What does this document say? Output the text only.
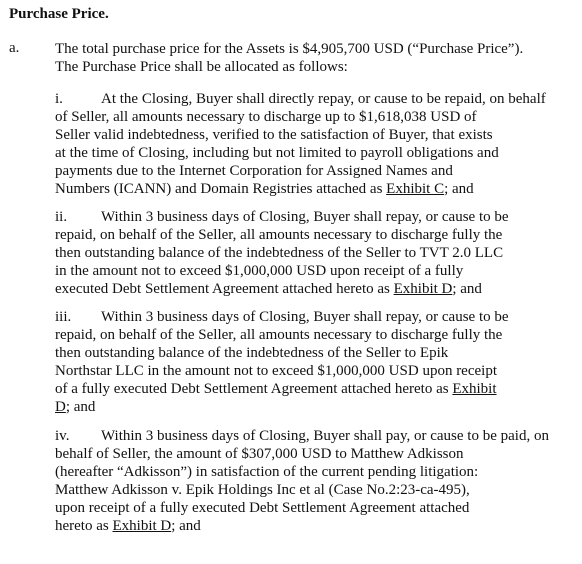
Purchase Price.
a. The total purchase price for the Assets is $4,905,700 USD (“Purchase Price”).
The Purchase Price shall be allocated as follows:

i.	At the Closing, Buyer shall directly repay, or cause to be repaid, on behalf
of Seller, all amounts necessary to discharge up to $1,618,038 USD of
Seller valid indebtedness, verified to the satisfaction of Buyer, that exists
at the time of Closing, including but not limited to payroll obligations and
payments due to the Internet Corporation for Assigned Names and
Numbers (ICANN) and Domain Registries attached as Exhibit C; and

ii. Within 3 business days of Closing, Buyer shall repay, or cause to be
repaid, on behalf of the Seller, all amounts necessary to discharge fully the
then outstanding balance of the indebtedness of the Seller to TVT 2.0 LLC
in the amount not to exceed $1,000,000 USD upon receipt of a fully
executed Debt Settlement Agreement attached hereto as Exhibit D; and

iii. Within 3 business days of Closing, Buyer shall repay, or cause to be
repaid, on behalf of the Seller, all amounts necessary to discharge fully the
then outstanding balance of the indebtedness of the Seller to Epik
Northstar LLC in the amount not to exceed $1,000,000 USD upon receipt
of a fully executed Debt Settlement Agreement attached hereto as Exhibit
D; and

iv. Within 3 business days of Closing, Buyer shall pay, or cause to be paid, on
behalf of Seller, the amount of $307,000 USD to Matthew Adkisson
(hereafter “Adkisson”) in satisfaction of the current pending litigation:
Matthew Adkisson v. Epik Holdings Inc et al (Case No.2:23-ca-495),
upon receipt of a fully executed Debt Settlement Agreement attached
hereto as Exhibit D; and
